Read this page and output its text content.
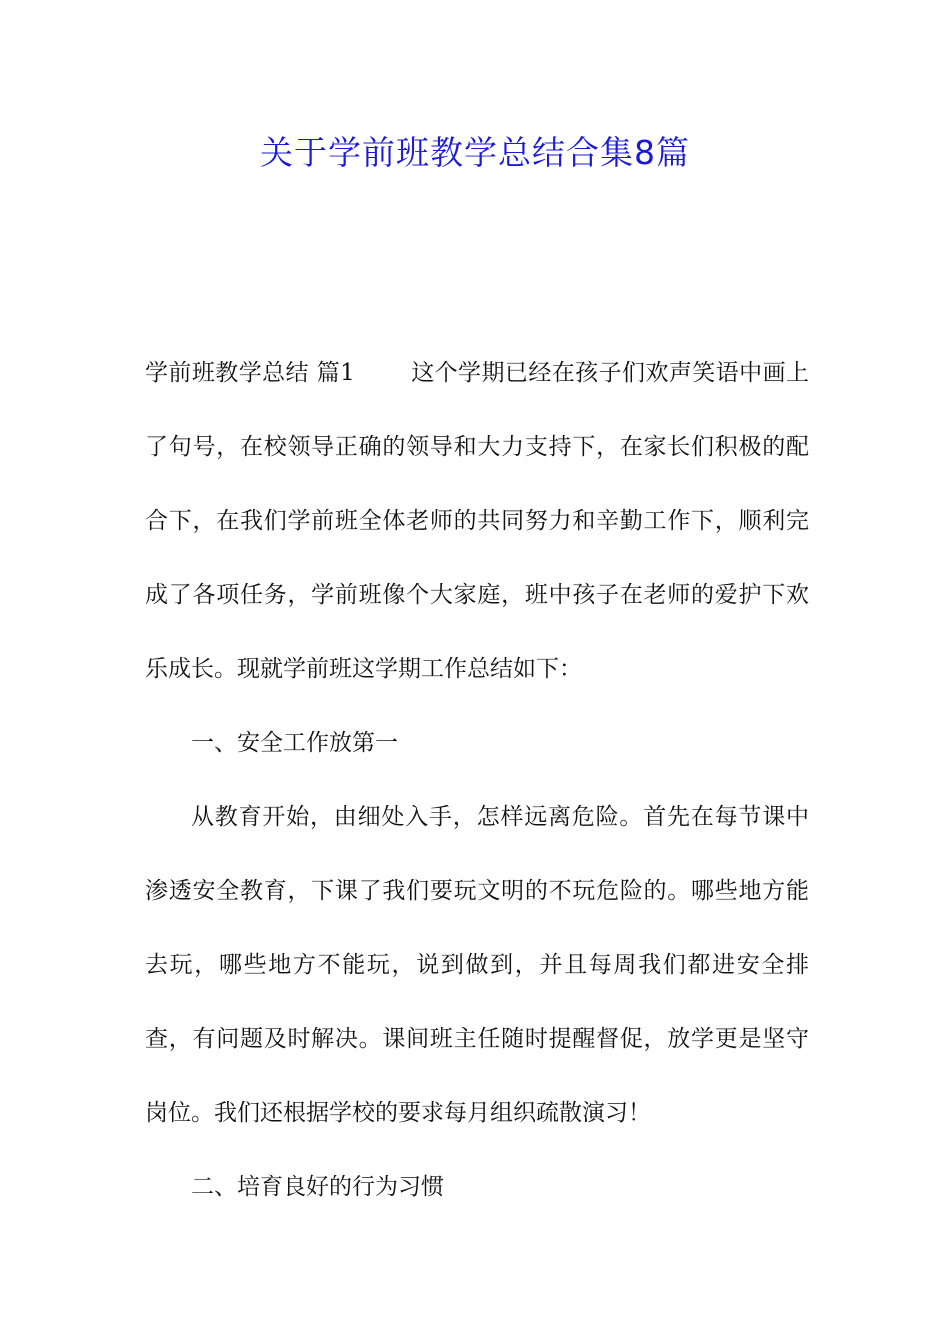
关于学前班教学总结合集8篇

学前班教学总结 篇1 这个学期已经在孩子们欢声笑语中画上了句号，在校领导正确的领导和大力支持下，在家长们积极的配合下，在我们学前班全体老师的共同努力和辛勤工作下，顺利完成了各项任务，学前班像个大家庭，班中孩子在老师的爱护下欢乐成长。现就学前班这学期工作总结如下：

一、安全工作放第一

从教育开始，由细处入手，怎样远离危险。首先在每节课中渗透安全教育，下课了我们要玩文明的不玩危险的。哪些地方能去玩，哪些地方不能玩，说到做到，并且每周我们都进安全排查，有问题及时解决。课间班主任随时提醒督促，放学更是坚守岗位。我们还根据学校的要求每月组织疏散演习！

二、培育良好的行为习惯
